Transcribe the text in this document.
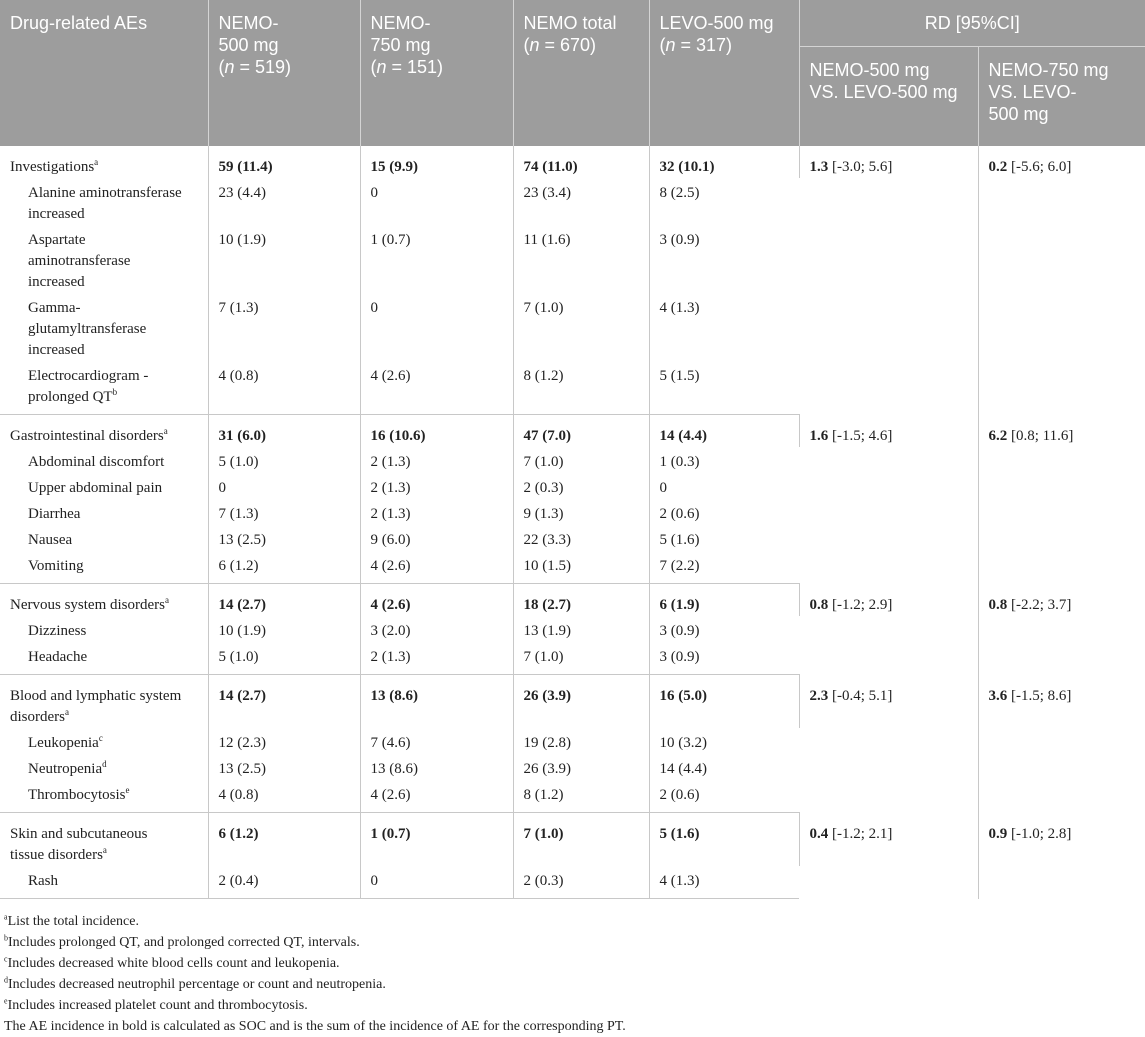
Drug-related AEs	NEMO-
500 mg
(n = 519)	NEMO-
750 mg
(n = 151)	NEMO total
(n = 670)	LEVO-500 mg
(n = 317)	RD [95%CI]	
					NEMO-500 mg
VS. LEVO-500 mg	NEMO-750 mg
VS. LEVO-
500 mg
Investigations$^a$	59 (11.4)	15 (9.9)	74 (11.0)	32 (10.1)	1.3 [-3.0; 5.6]	0.2 [-5.6; 6.0]
Alanine aminotransferase
increased	23 (4.4)	0	23 (3.4)	8 (2.5)		
Aspartate
aminotransferase
increased	10 (1.9)	1 (0.7)	11 (1.6)	3 (0.9)		
Gamma-
glutamyltransferase
increased	7 (1.3)	0	7 (1.0)	4 (1.3)		
Electrocardiogram -
prolonged $QT^b$	4 (0.8)	4 (2.6)	8 (1.2)	5 (1.5)		
Gastrointestinal disorders$^a$	31 (6.0)	16 (10.6)	47 (7.0)	14 (4.4)	1.6 [-1.5; 4.6]	6.2 [0.8; 11.6]
Abdominal discomfort	5 (1.0)	2 (1.3)	7 (1.0)	1 (0.3)		
Upper abdominal pain	0	2 (1.3)	2 (0.3)	0		
Diarrhea	7 (1.3)	2 (1.3)	9 (1.3)	2 (0.6)		
Nausea	13 (2.5)	9 (6.0)	22 (3.3)	5 (1.6)		
Vomiting	6 (1.2)	4 (2.6)	10 (1.5)	7 (2.2)		
Nervous system disorders$^a$	14 (2.7)	4 (2.6)	18 (2.7)	6 (1.9)	0.8 [-1.2; 2.9]	0.8 [-2.2; 3.7]
Dizziness	10 (1.9)	3 (2.0)	13 (1.9)	3 (0.9)		
Headache	5 (1.0)	2 (1.3)	7 (1.0)	3 (0.9)		
Blood and lymphatic system
disorders$^a$	14 (2.7)	13 (8.6)	26 (3.9)	16 (5.0)	2.3 [-0.4; 5.1]	3.6 [-1.5; 8.6]
Leukopenia$^c$	12 (2.3)	7 (4.6)	19 (2.8)	10 (3.2)		
Neutropenia$^d$	13 (2.5)	13 (8.6)	26 (3.9)	14 (4.4)		
Thrombocytosis$^e$	4 (0.8)	4 (2.6)	8 (1.2)	2 (0.6)		
Skin and subcutaneous
tissue disorders$^a$	6 (1.2)	1 (0.7)	7 (1.0)	5 (1.6)	0.4 [-1.2; 2.1]	0.9 [-1.0; 2.8]
Rash	2 (0.4)	0	2 (0.3)	4 (1.3)		
$^a$List the total incidence.
$^b$Includes prolonged QT, and prolonged corrected QT, intervals.
$^c$Includes decreased white blood cells count and leukopenia.
$^d$Includes decreased neutrophil percentage or count and neutropenia.
$^e$Includes increased platelet count and thrombocytosis.
The AE incidence in bold is calculated as SOC and is the sum of the incidence of AE for the corresponding PT.
